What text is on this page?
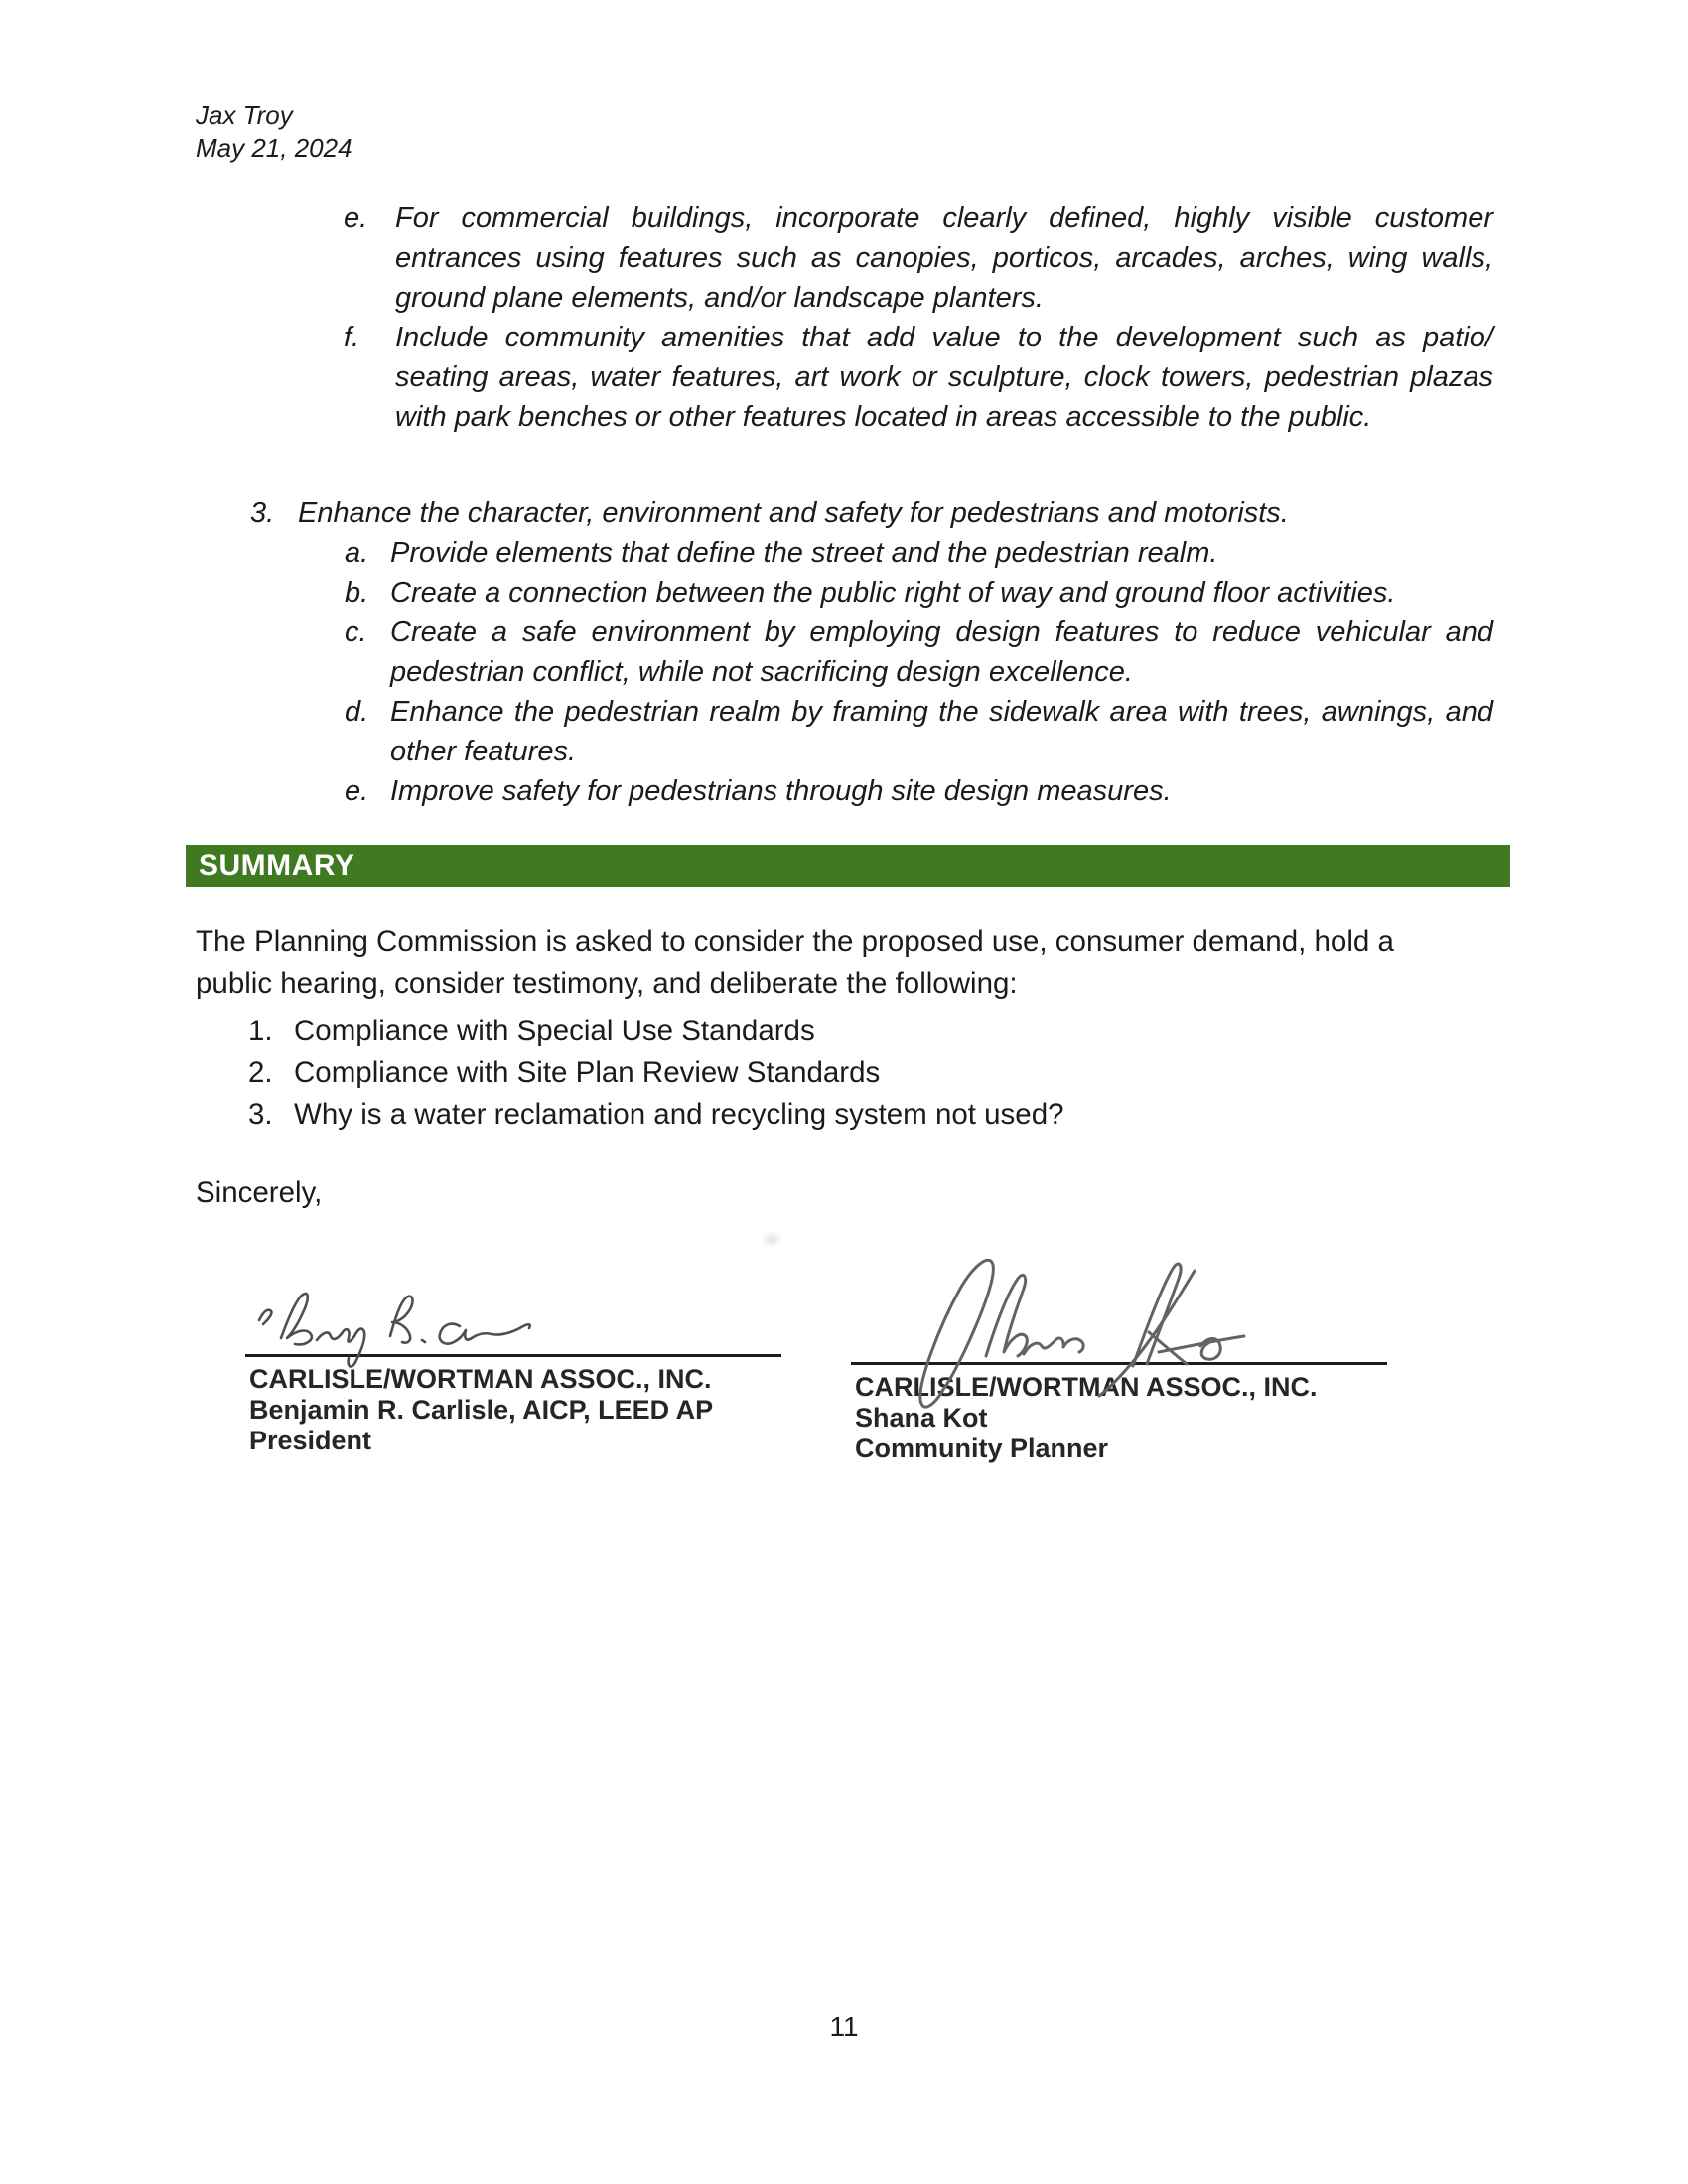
Jax Troy
May 21, 2024
e. For commercial buildings, incorporate clearly defined, highly visible customer entrances using features such as canopies, porticos, arcades, arches, wing walls, ground plane elements, and/or landscape planters.
f.	Include community amenities that add value to the development such as patio/ seating areas, water features, art work or sculpture, clock towers, pedestrian plazas with park benches or other features located in areas accessible to the public.
3. Enhance the character, environment and safety for pedestrians and motorists.
a. Provide elements that define the street and the pedestrian realm.
b. Create a connection between the public right of way and ground floor activities.
c. Create a safe environment by employing design features to reduce vehicular and pedestrian conflict, while not sacrificing design excellence.
d. Enhance the pedestrian realm by framing the sidewalk area with trees, awnings, and other features.
e. Improve safety for pedestrians through site design measures.
SUMMARY
The Planning Commission is asked to consider the proposed use, consumer demand, hold a public hearing, consider testimony, and deliberate the following:
1. Compliance with Special Use Standards
2. Compliance with Site Plan Review Standards
3. Why is a water reclamation and recycling system not used?
Sincerely,
CARLISLE/WORTMAN ASSOC., INC.
Benjamin R. Carlisle, AICP, LEED AP
President
CARLISLE/WORTMAN ASSOC., INC.
Shana Kot
Community Planner
11
